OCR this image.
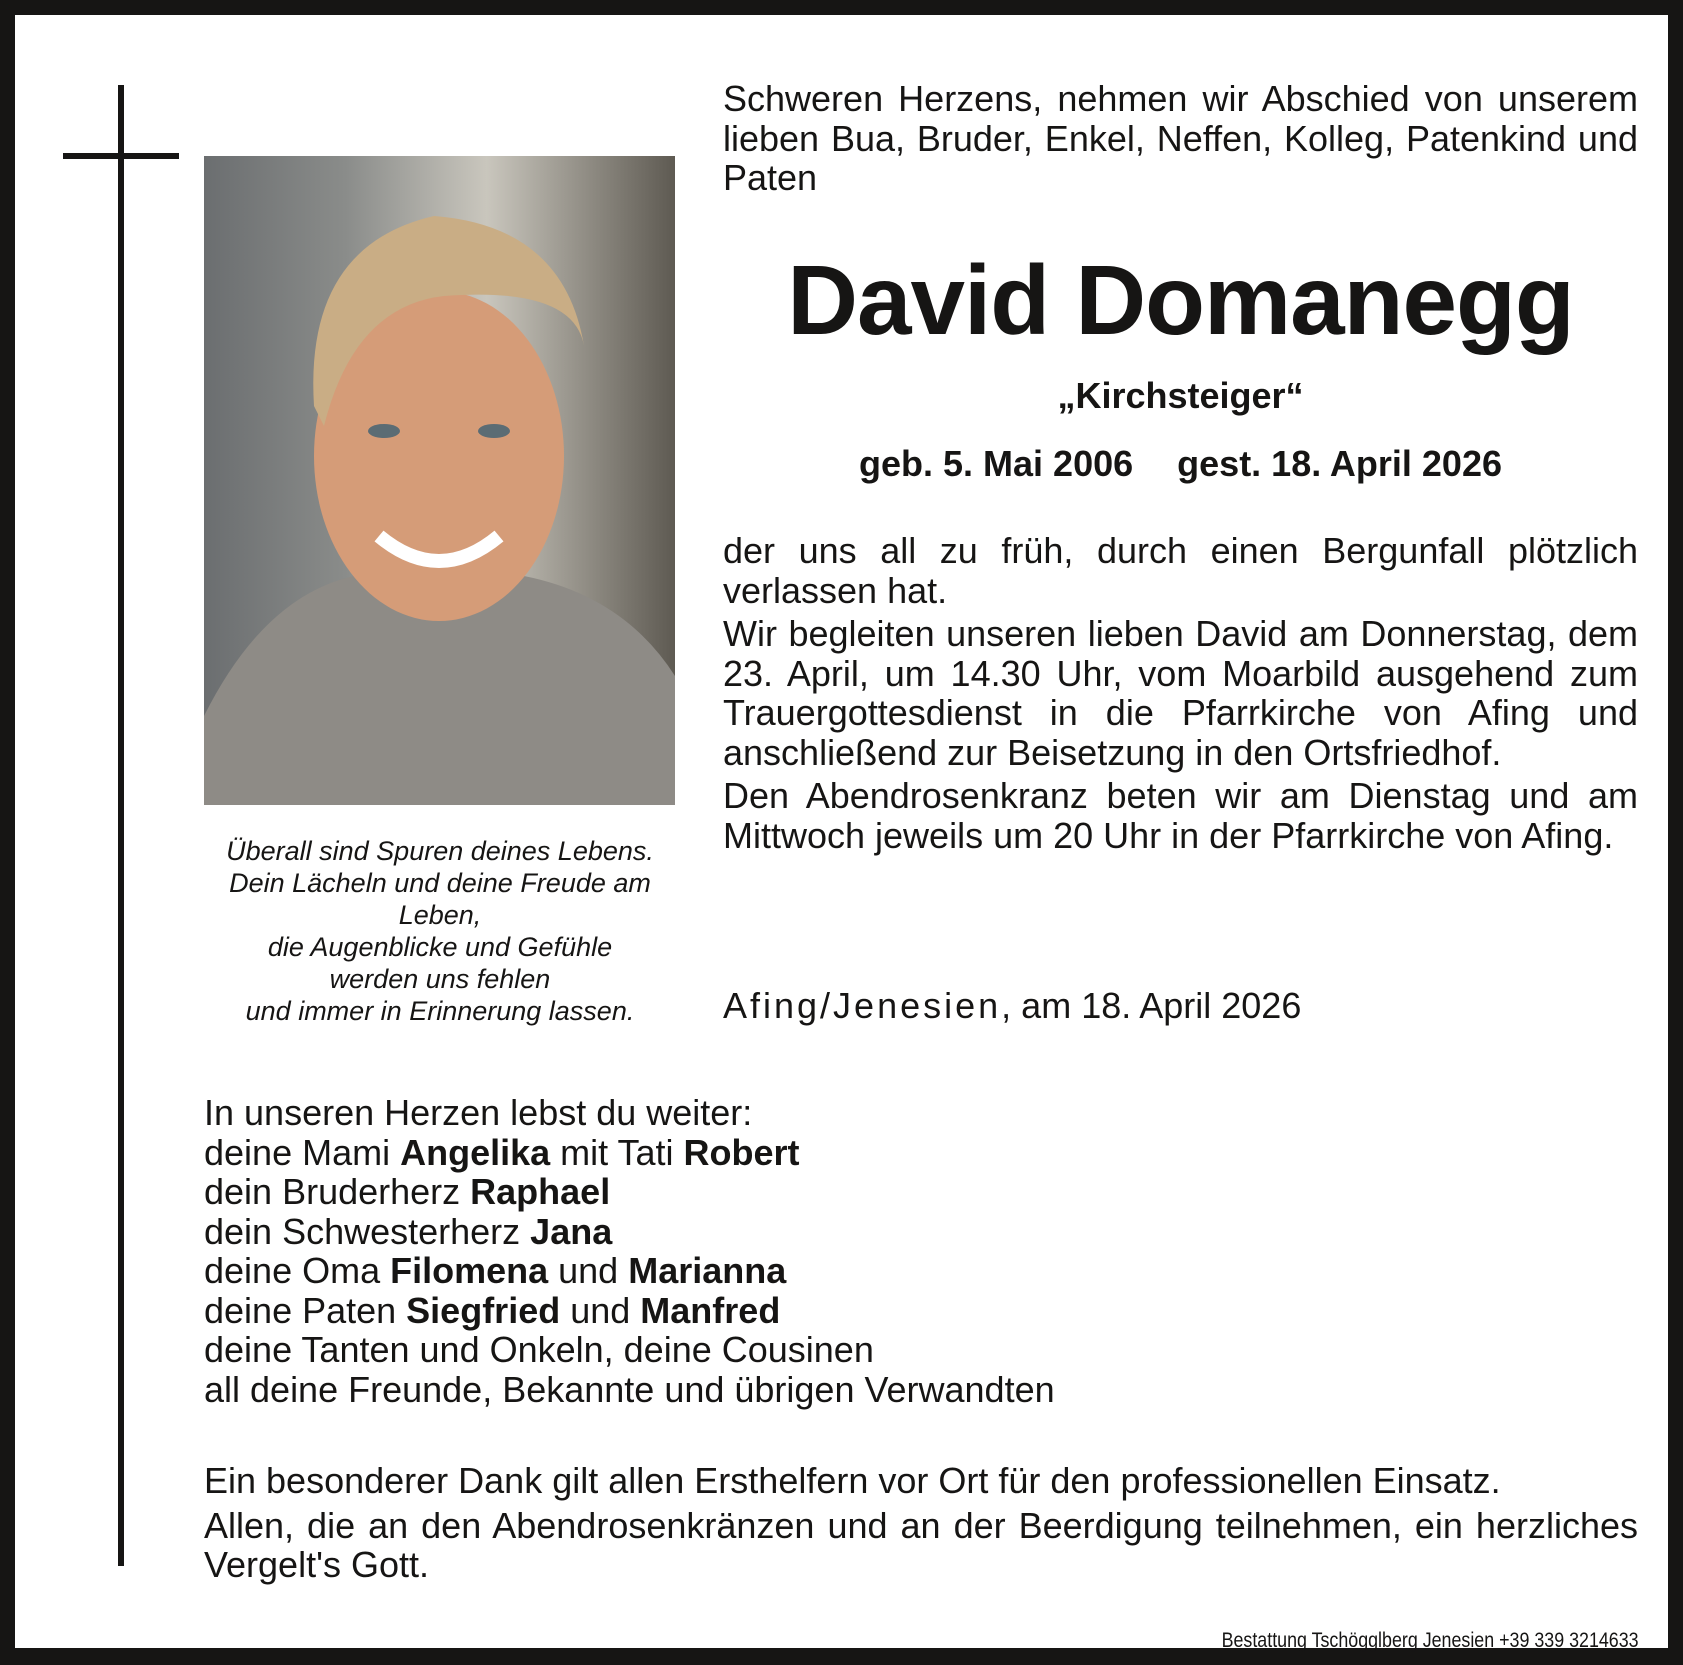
Überall sind Spuren deines Lebens.
Dein Lächeln und deine Freude am
Leben,
die Augenblicke und Gefühle
werden uns fehlen
und immer in Erinnerung lassen.
Schweren Herzens, nehmen wir Abschied von unserem lieben Bua, Bruder, Enkel, Neffen, Kolleg, Patenkind und Paten
David Domanegg
„Kirchsteiger“
geb. 5. Mai 2006 gest. 18. April 2026

der uns all zu früh, durch einen Bergunfall plötzlich verlassen hat.

Wir begleiten unseren lieben David am Donnerstag, dem 23. April, um 14.30 Uhr, vom Moarbild ausgehend zum Trauergottesdienst in die Pfarrkirche von Afing und anschließend zur Beisetzung in den Ortsfriedhof.

Den Abendrosenkranz beten wir am Dienstag und am Mittwoch jeweils um 20 Uhr in der Pfarrkirche von Afing.

Afing/Jenesien, am 18. April 2026
In unseren Herzen lebst du weiter:
deine Mami Angelika mit Tati Robert
dein Bruderherz Raphael
dein Schwesterherz Jana
deine Oma Filomena und Marianna
deine Paten Siegfried und Manfred
deine Tanten und Onkeln, deine Cousinen
all deine Freunde, Bekannte und übrigen Verwandten

Ein besonderer Dank gilt allen Ersthelfern vor Ort für den professionellen Einsatz.

Allen, die an den Abendrosenkränzen und an der Beerdigung teilnehmen, ein herzliches Vergelt's Gott.

Bestattung Tschögglberg Jenesien +39 339 3214633
